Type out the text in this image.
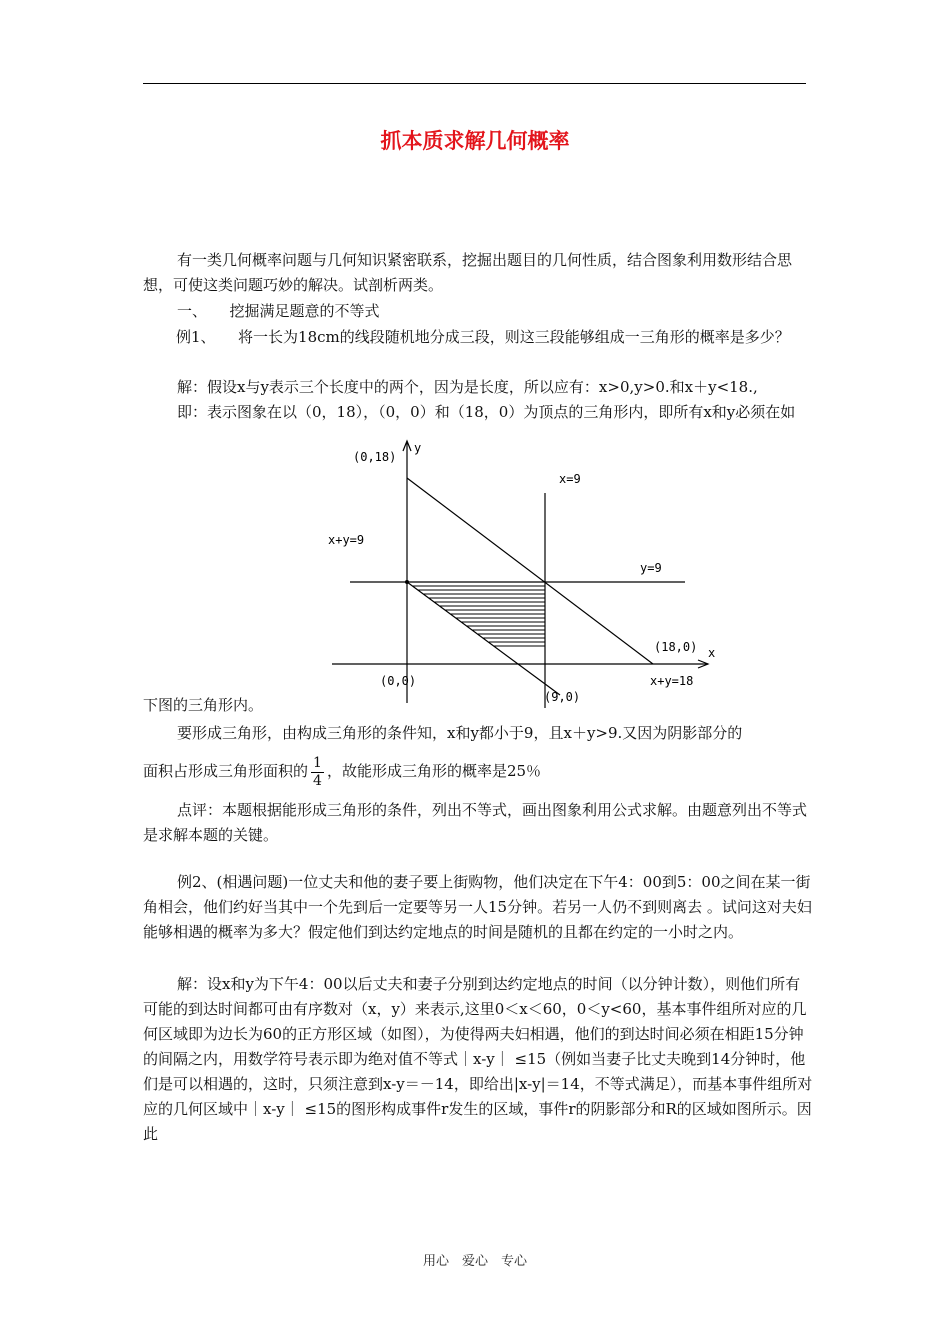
抓本质求解几何概率

有一类几何概率问题与几何知识紧密联系，挖掘出题目的几何性质，结合图象利用数形结合思想，可使这类问题巧妙的解决。试剖析两类。

一、　　挖掘满足题意的不等式

例1、　　将一长为18cm的线段随机地分成三段，则这三段能够组成一三角形的概率是多少？

解：假设x与y表示三个长度中的两个，因为是长度，所以应有：x>0,y>0.和x＋y<18.,

即：表示图象在以（0，18），（0，0）和（18，0）为顶点的三角形内，即所有x和y必须在如

(0,18)
y
x=9
x+y=9
y=9
(18,0) x
(0,0)
(9,0)
x+y=18

下图的三角形内。

要形成三角形，由构成三角形的条件知，x和y都小于9，且x＋y>9.又因为阴影部分的

面积占形成三角形面积的 $\frac{1}{4}$ ，故能形成三角形的概率是25％

点评：本题根据能形成三角形的条件，列出不等式，画出图象利用公式求解。由题意列出不等式是求解本题的关键。

例2、(相遇问题)一位丈夫和他的妻子要上街购物，他们决定在下午4：00到5：00之间在某一街角相会，他们约好当其中一个先到后一定要等另一人15分钟。若另一人仍不到则离去 。试问这对夫妇能够相遇的概率为多大？假定他们到达约定地点的时间是随机的且都在约定的一小时之内。

解：设x和y为下午4：00以后丈夫和妻子分别到达约定地点的时间（以分钟计数），则他们所有可能的到达时间都可由有序数对（x，y）来表示,这里0＜x＜60，0＜y<60，基本事件组所对应的几何区域即为边长为60的正方形区域（如图），为使得两夫妇相遇，他们的到达时间必须在相距15分钟的间隔之内，用数学符号表示即为绝对值不等式｜x-y｜ ≤15（例如当妻子比丈夫晚到14分钟时，他们是可以相遇的，这时，只须注意到x-y＝－14，即给出|x-y|＝14，不等式满足），而基本事件组所对应的几何区域中｜x-y｜ ≤15的图形构成事件r发生的区域，事件r的阴影部分和R的区域如图所示。因此

用心　爱心　专心
